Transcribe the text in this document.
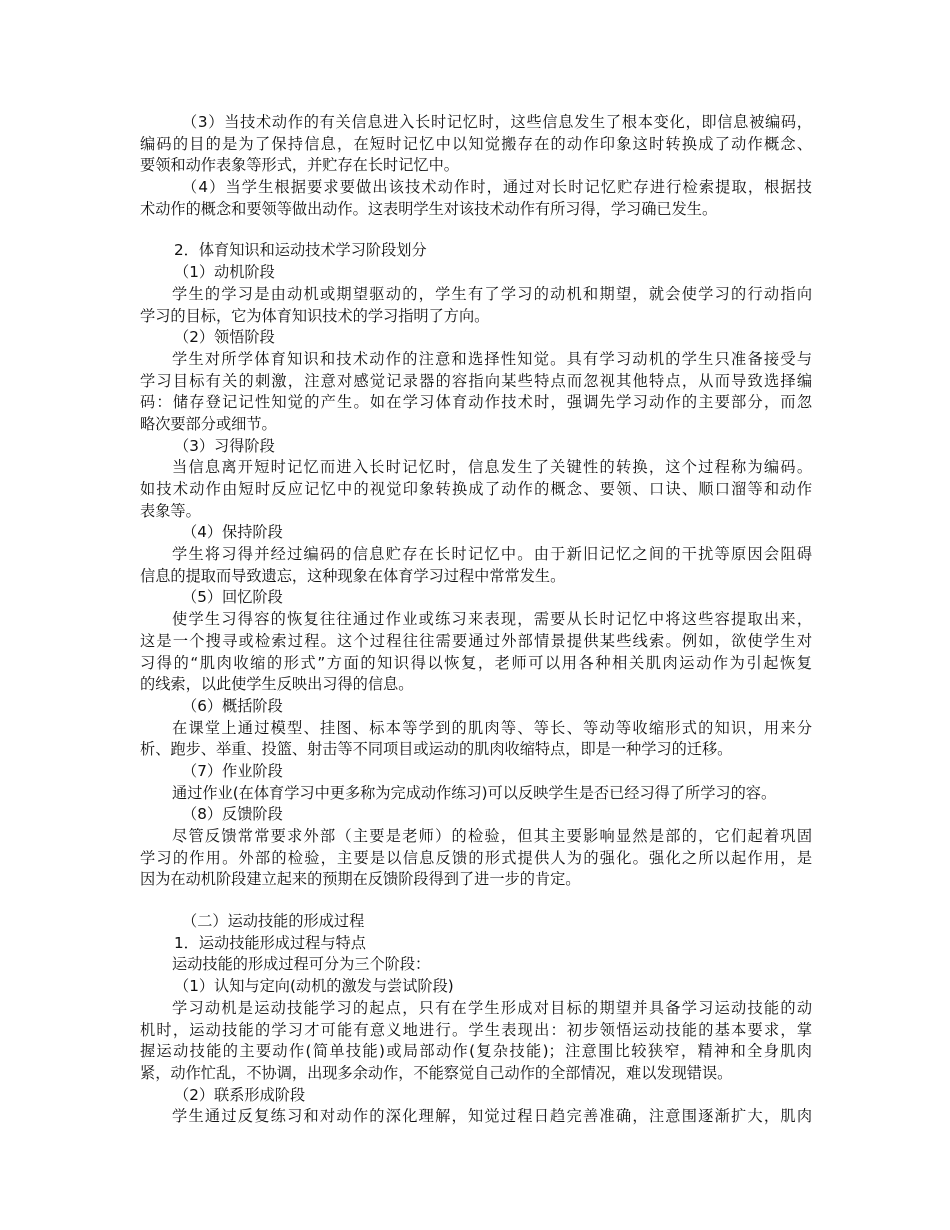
（3）当技术动作的有关信息进入长时记忆时，这些信息发生了根本变化，即信息被编码，
编码的目的是为了保持信息，在短时记忆中以知觉搬存在的动作印象这时转换成了动作概念、
要领和动作表象等形式，并贮存在长时记忆中。
（4）当学生根据要求要做出该技术动作时，通过对长时记忆贮存进行检索提取，根据技
术动作的概念和要领等做出动作。这表明学生对该技术动作有所习得，学习确已发生。
2．体育知识和运动技术学习阶段划分
（1）动机阶段
学生的学习是由动机或期望驱动的，学生有了学习的动机和期望，就会使学习的行动指向
学习的目标，它为体育知识技术的学习指明了方向。
（2）领悟阶段
学生对所学体育知识和技术动作的注意和选择性知觉。具有学习动机的学生只准备接受与
学习目标有关的刺激，注意对感觉记录器的容指向某些特点而忽视其他特点，从而导致选择编
码：储存登记记性知觉的产生。如在学习体育动作技术时，强调先学习动作的主要部分，而忽
略次要部分或细节。
（3）习得阶段
当信息离开短时记忆而进入长时记忆时，信息发生了关键性的转换，这个过程称为编码。
如技术动作由短时反应记忆中的视觉印象转换成了动作的概念、要领、口诀、顺口溜等和动作
表象等。
（4）保持阶段
学生将习得并经过编码的信息贮存在长时记忆中。由于新旧记忆之间的干扰等原因会阻碍
信息的提取而导致遗忘，这种现象在体育学习过程中常常发生。
（5）回忆阶段
使学生习得容的恢复往往通过作业或练习来表现，需要从长时记忆中将这些容提取出来，
这是一个搜寻或检索过程。这个过程往往需要通过外部情景提供某些线索。例如，欲使学生对
习得的“肌肉收缩的形式”方面的知识得以恢复，老师可以用各种相关肌肉运动作为引起恢复
的线索，以此使学生反映出习得的信息。
（6）概括阶段
在课堂上通过模型、挂图、标本等学到的肌肉等、等长、等动等收缩形式的知识，用来分
析、跑步、举重、投篮、射击等不同项目或运动的肌肉收缩特点，即是一种学习的迁移。
（7）作业阶段
通过作业(在体育学习中更多称为完成动作练习)可以反映学生是否已经习得了所学习的容。
（8）反馈阶段
尽管反馈常常要求外部（主要是老师）的检验，但其主要影响显然是部的，它们起着巩固
学习的作用。外部的检验，主要是以信息反馈的形式提供人为的强化。强化之所以起作用，是
因为在动机阶段建立起来的预期在反馈阶段得到了进一步的肯定。
（二）运动技能的形成过程
1．运动技能形成过程与特点
运动技能的形成过程可分为三个阶段：
（1）认知与定向(动机的激发与尝试阶段)
学习动机是运动技能学习的起点，只有在学生形成对目标的期望并具备学习运动技能的动
机时，运动技能的学习才可能有意义地进行。学生表现出：初步领悟运动技能的基本要求，掌
握运动技能的主要动作(简单技能)或局部动作(复杂技能)；注意围比较狭窄，精神和全身肌肉
紧，动作忙乱，不协调，出现多余动作，不能察觉自己动作的全部情况，难以发现错误。
（2）联系形成阶段
学生通过反复练习和对动作的深化理解，知觉过程日趋完善准确，注意围逐渐扩大，肌肉
